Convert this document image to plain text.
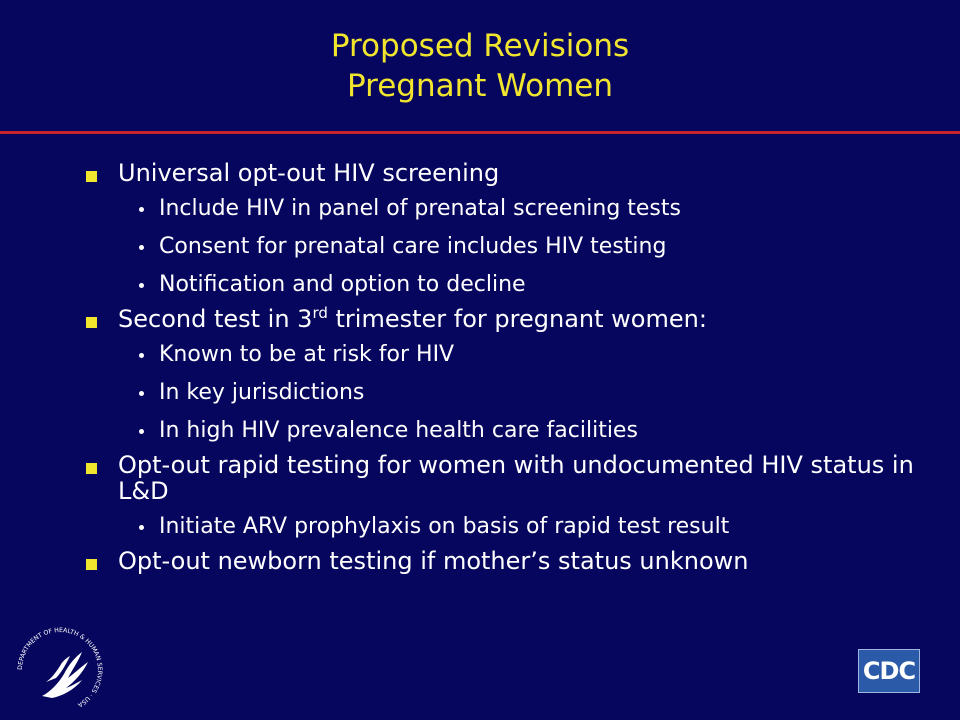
Proposed Revisions
Pregnant Women
Universal opt-out HIV screening
Include HIV in panel of prenatal screening tests
Consent for prenatal care includes HIV testing
Notification and option to decline
Second test in 3rd trimester for pregnant women:
Known to be at risk for HIV
In key jurisdictions
In high HIV prevalence health care facilities
Opt-out rapid testing for women with undocumented HIV status in L&D
Initiate ARV prophylaxis on basis of rapid test result
Opt-out newborn testing if mother’s status unknown
DEPARTMENT OF HEALTH & HUMAN SERVICES · USA
CDC
